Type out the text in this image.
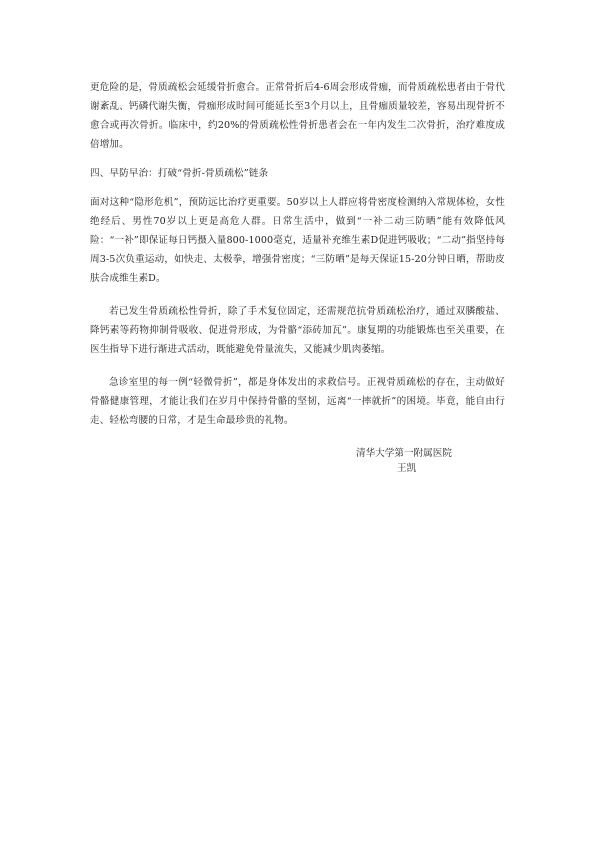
更危险的是，骨质疏松会延缓骨折愈合。正常骨折后4-6周会形成骨痂，而骨质疏松患者由于骨代谢紊乱、钙磷代谢失衡，骨痂形成时间可能延长至3个月以上，且骨痂质量较差，容易出现骨折不愈合或再次骨折。临床中，约20%的骨质疏松性骨折患者会在一年内发生二次骨折，治疗难度成倍增加。

四、早防早治：打破“骨折-骨质疏松”链条

面对这种“隐形危机”，预防远比治疗更重要。50岁以上人群应将骨密度检测纳入常规体检，女性绝经后、男性70岁以上更是高危人群。日常生活中，做到“一补二动三防晒”能有效降低风险：“一补”即保证每日钙摄入量800-1000毫克，适量补充维生素D促进钙吸收；“二动”指坚持每周3-5次负重运动，如快走、太极拳，增强骨密度；“三防晒”是每天保证15-20分钟日晒，帮助皮肤合成维生素D。

若已发生骨质疏松性骨折，除了手术复位固定，还需规范抗骨质疏松治疗，通过双膦酸盐、降钙素等药物抑制骨吸收、促进骨形成，为骨骼“添砖加瓦”。康复期的功能锻炼也至关重要，在医生指导下进行渐进式活动，既能避免骨量流失，又能减少肌肉萎缩。

急诊室里的每一例“轻微骨折”，都是身体发出的求救信号。正视骨质疏松的存在，主动做好骨骼健康管理，才能让我们在岁月中保持骨骼的坚韧，远离“一摔就折”的困境。毕竟，能自由行走、轻松弯腰的日常，才是生命最珍贵的礼物。

清华大学第一附属医院
王凯
